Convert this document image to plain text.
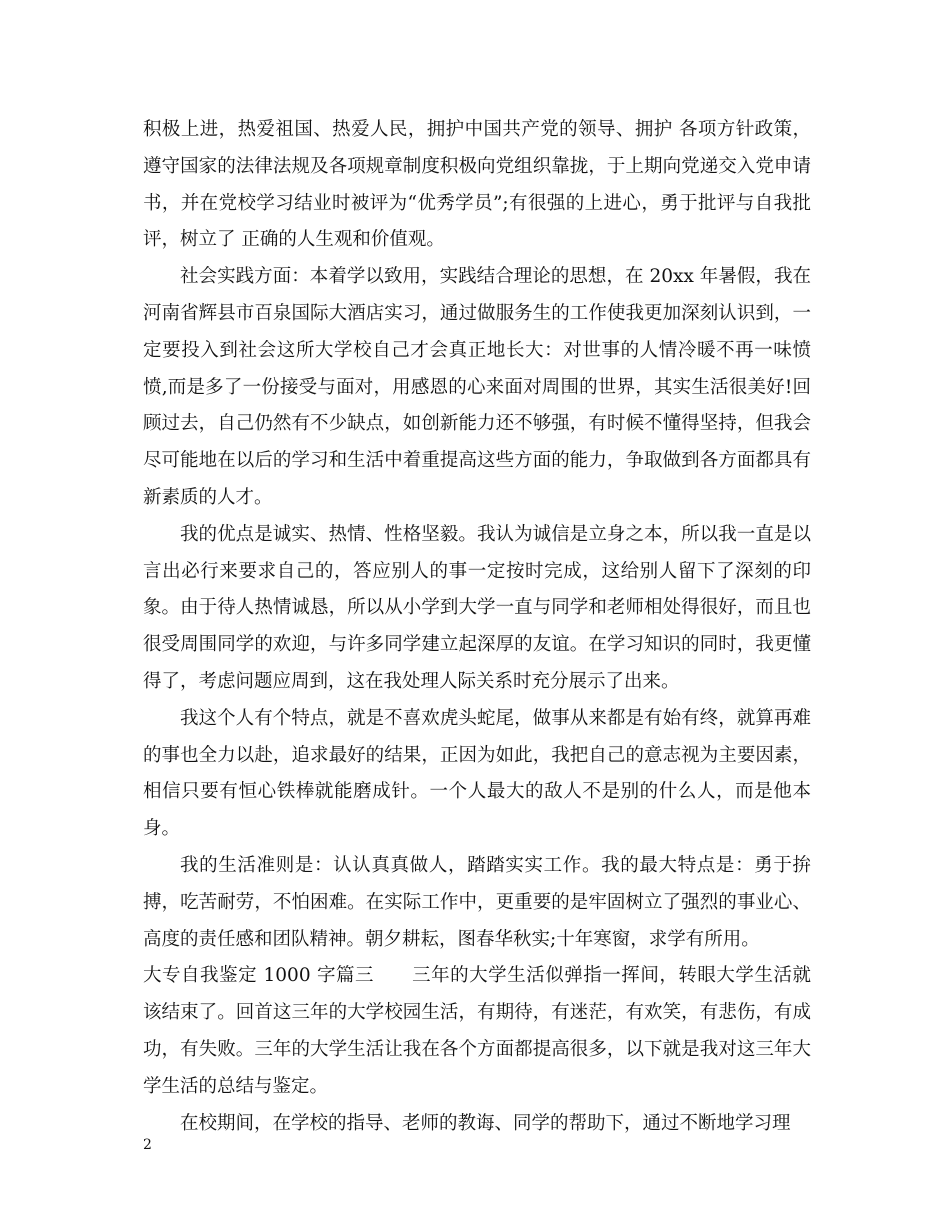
积极上进，热爱祖国、热爱人民，拥护中国共产党的领导、拥护 各项方针政策，遵守国家的法律法规及各项规章制度积极向党组织靠拢，于上期向党递交入党申请书，并在党校学习结业时被评为“优秀学员”;有很强的上进心，勇于批评与自我批评，树立了 正确的人生观和价值观。

社会实践方面：本着学以致用，实践结合理论的思想，在 20xx 年暑假，我在河南省辉县市百泉国际大酒店实习，通过做服务生的工作使我更加深刻认识到，一定要投入到社会这所大学校自己才会真正地长大：对世事的人情冷暖不再一味愤愤,而是多了一份接受与面对，用感恩的心来面对周围的世界，其实生活很美好!回顾过去，自己仍然有不少缺点，如创新能力还不够强，有时候不懂得坚持，但我会尽可能地在以后的学习和生活中着重提高这些方面的能力，争取做到各方面都具有新素质的人才。

我的优点是诚实、热情、性格坚毅。我认为诚信是立身之本，所以我一直是以言出必行来要求自己的，答应别人的事一定按时完成，这给别人留下了深刻的印象。由于待人热情诚恳，所以从小学到大学一直与同学和老师相处得很好，而且也很受周围同学的欢迎，与许多同学建立起深厚的友谊。在学习知识的同时，我更懂得了，考虑问题应周到，这在我处理人际关系时充分展示了出来。

我这个人有个特点，就是不喜欢虎头蛇尾，做事从来都是有始有终，就算再难的事也全力以赴，追求最好的结果，正因为如此，我把自己的意志视为主要因素，相信只要有恒心铁棒就能磨成针。一个人最大的敌人不是别的什么人，而是他本身。

我的生活准则是：认认真真做人，踏踏实实工作。我的最大特点是：勇于拚搏，吃苦耐劳，不怕困难。在实际工作中，更重要的是牢固树立了强烈的事业心、高度的责任感和团队精神。朝夕耕耘，图春华秋实;十年寒窗，求学有所用。

大专自我鉴定 1000 字篇三　　三年的大学生活似弹指一挥间，转眼大学生活就该结束了。回首这三年的大学校园生活，有期待，有迷茫，有欢笑，有悲伤，有成功，有失败。三年的大学生活让我在各个方面都提高很多，以下就是我对这三年大学生活的总结与鉴定。

在校期间，在学校的指导、老师的教诲、同学的帮助下，通过不断地学习理

2
